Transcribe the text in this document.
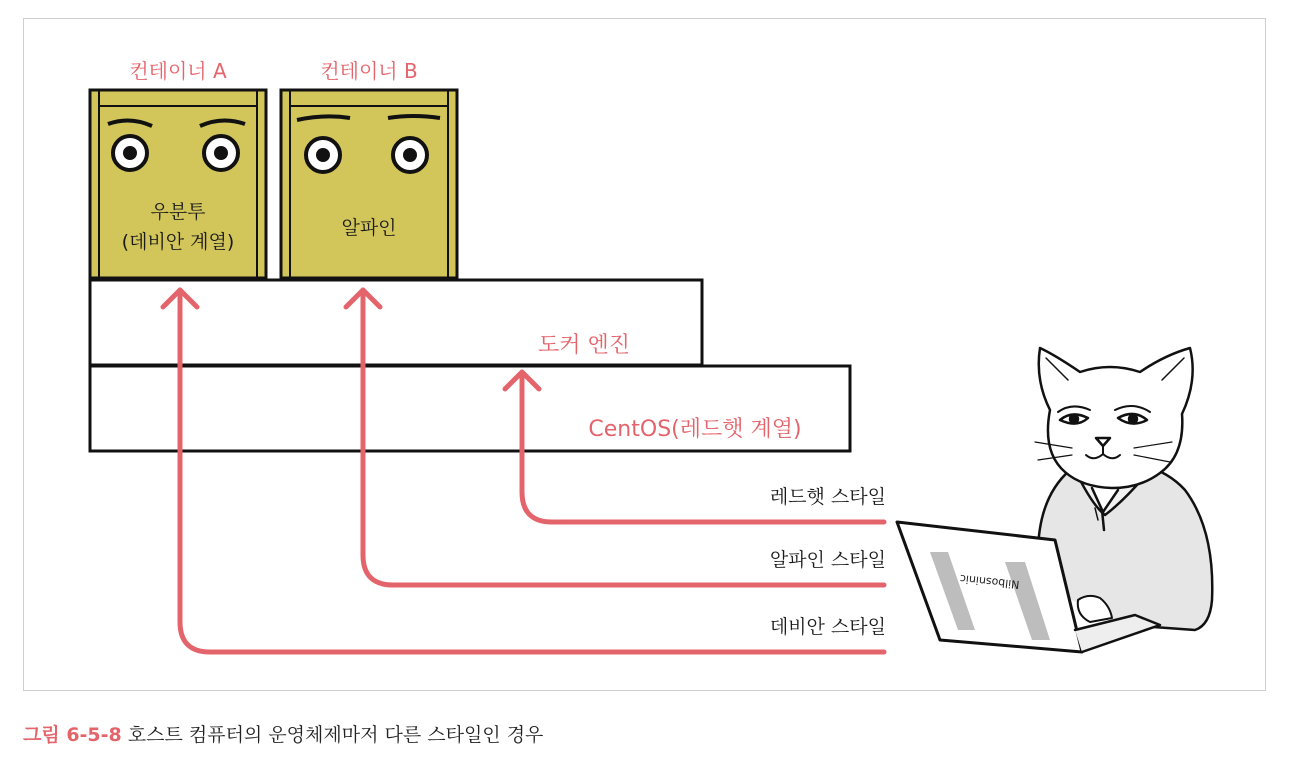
컨테이너 A	컨테이너 B
우분투
(데비안 계열)
알파인
도커 엔진
CentOS(레드햇 계열)
레드햇 스타일
알파인 스타일
데비안 스타일
Nilbosninic
그림 6-5-8 호스트 컴퓨터의 운영체제마저 다른 스타일인 경우
